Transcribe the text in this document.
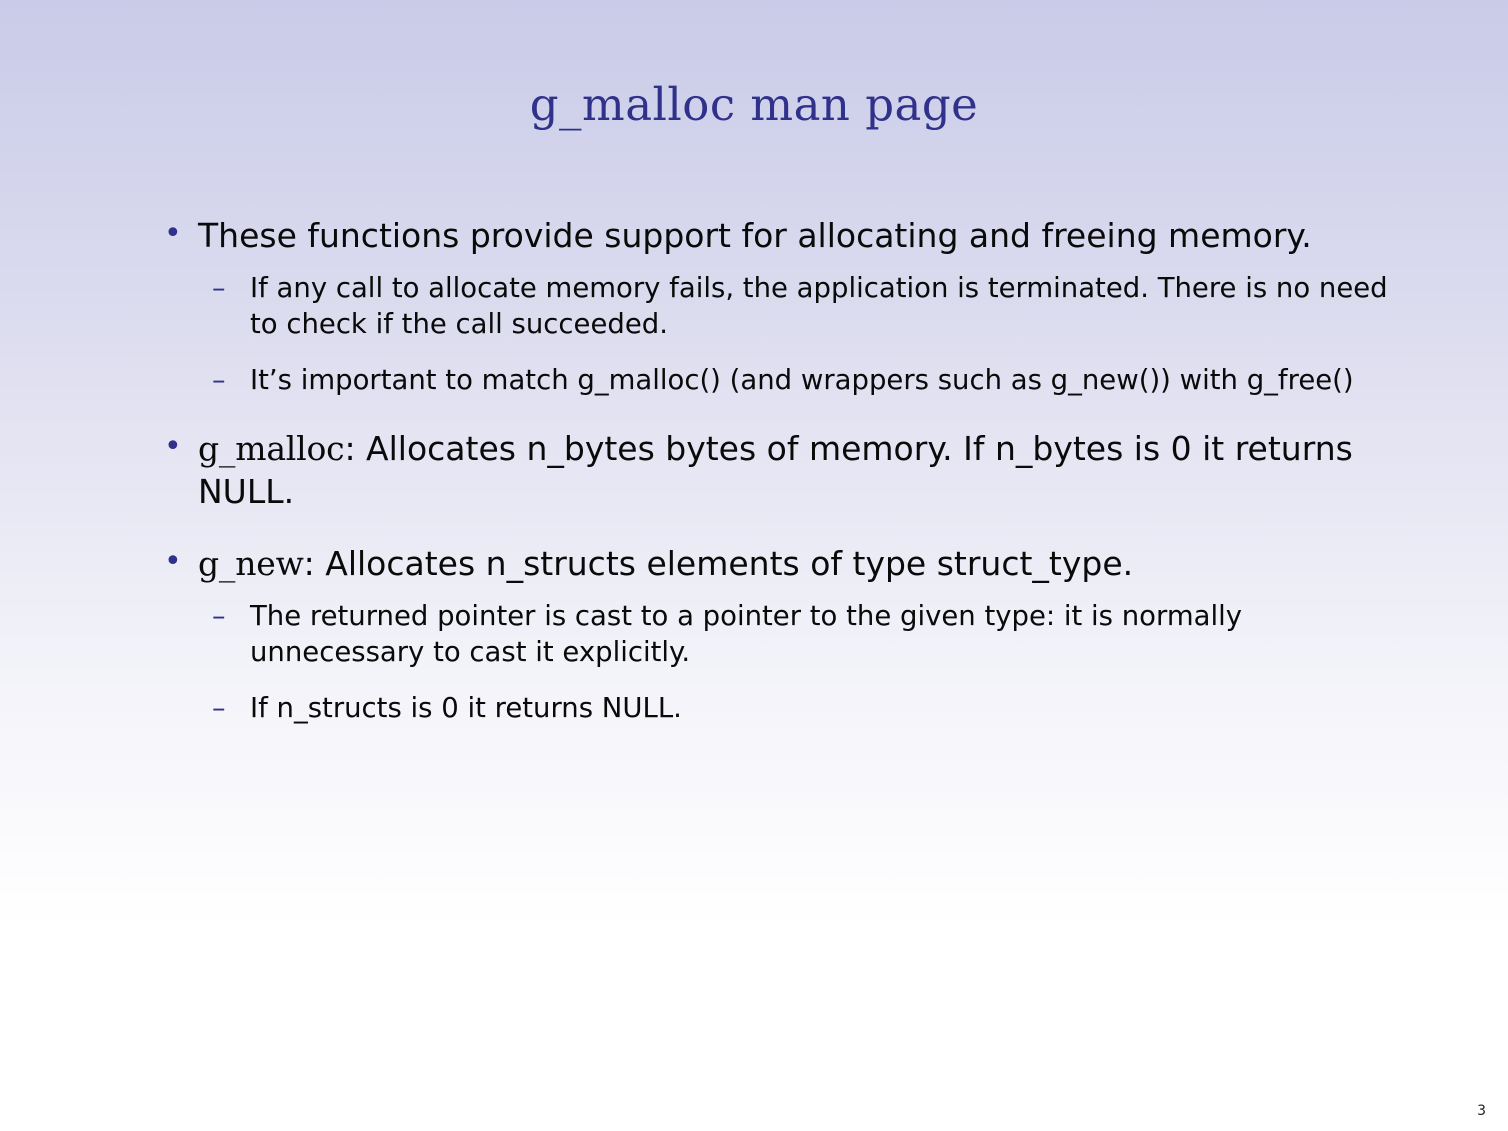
g_malloc man page
• These functions provide support for allocating and freeing memory.
– If any call to allocate memory fails, the application is terminated. There is no need to check if the call succeeded.
– It’s important to match g_malloc() (and wrappers such as g_new()) with g_free()
• g_malloc: Allocates n_bytes bytes of memory. If n_bytes is 0 it returns NULL.
• g_new: Allocates n_structs elements of type struct_type.
– The returned pointer is cast to a pointer to the given type: it is normally unnecessary to cast it explicitly.
– If n_structs is 0 it returns NULL.
3
